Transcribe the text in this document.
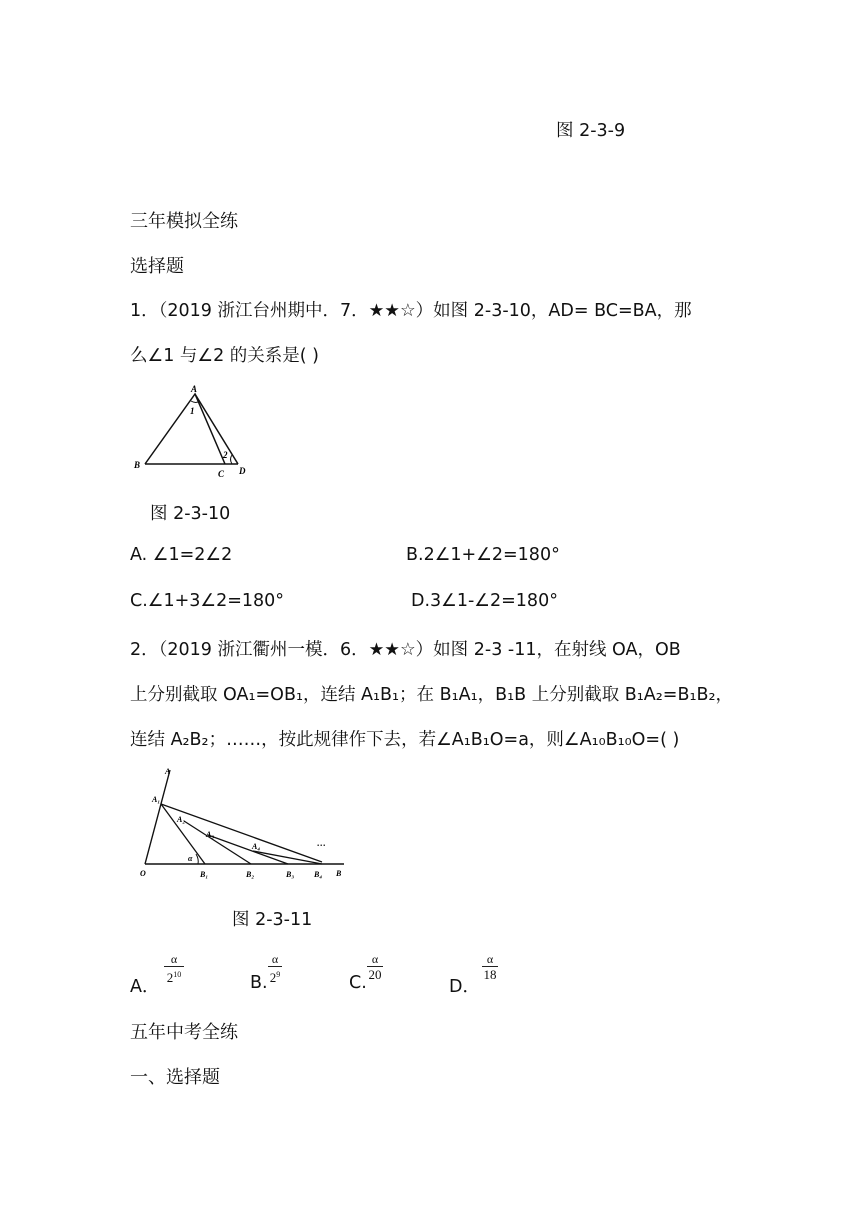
图 2-3-9
三年模拟全练
选择题
1．（2019 浙江台州期中．7．★★☆）如图 2-3-10，AD= BC=BA，那
么∠1 与∠2 的关系是( )
A
1
B
2
C D
图 2-3-10
A. ∠1=2∠2	B.2∠1+∠2=180°
C.∠1+3∠2=180°	D.3∠1-∠2=180°
2．（2019 浙江衢州一模．6．★★☆）如图 2-3 -11，在射线 OA，OB
上分别截取 OA₁=OB₁，连结 A₁B₁；在 B₁A₁，B₁B 上分别截取 B₁A₂=B₁B₂，
连结 A₂B₂；……，按此规律作下去，若∠A₁B₁O=a，则∠A₁₀B₁₀O=( )
A
A₁
A₂
A₃
A₄	…
α
O	B₁	B₂	B₃ B₄ B
图 2-3-11
A．
α
$2^{10}$	B.
α
$2^9$	C.
α
20
D．
α
18
五年中考全练
一、选择题
